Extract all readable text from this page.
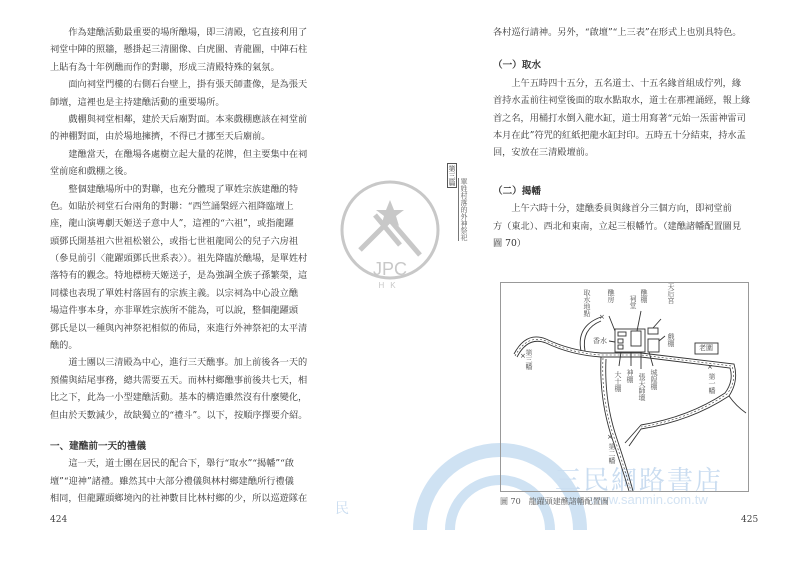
JPC
HK
三民網路書店
www.sanmin.com.tw
民
　　作為建醮活動最重要的場所醮場，即三清殿，它直接利用了
祠堂中陣的照牆，懸掛起三清圖像、白虎圖、青龍圖，中陣石柱
上貼有為十年例醮而作的對聯，形成三清殿特殊的氣氛。
　　面向祠堂門樓的右側石台壁上，掛有張天師畫像，是為張天
師壇，這裡也是主持建醮活動的重要場所。
　　戲棚與祠堂相鄰，建於天后廟對面。本來戲棚應該在祠堂前
的神棚對面，由於場地擁擠，不得已才挪至天后廟前。
　　建醮當天，在醮場各處樹立起大量的花牌，但主要集中在祠
堂前庭和戲棚之後。
　　整個建醮場所中的對聯，也充分體現了單姓宗族建醮的特
色。如貼於祠堂石台兩角的對聯：“西竺誦槃經六祖降臨壇上
座，龍山演粵劇天姬送子意中人”，這裡的“六祖”，或指龍躍
頭鄧氏開基祖六世祖松嶺公，或指七世祖龍岡公的兒子六房祖
（參見前引〈龍躍頭鄧氏世系表〉）。祖先降臨於醮場，是單姓村
落特有的觀念。特地標榜天姬送子，是為強調全族子孫繁榮，這
同樣也表現了單姓村落固有的宗族主義。以宗祠為中心設立醮
場這件事本身，亦非單姓宗族所不能為，可以說，整個龍躍頭
鄧氏是以一種與內神祭祀相似的佈局，來進行外神祭祀的太平清
醮的。
　　道士團以三清殿為中心，進行三天醮事。加上前後各一天的
預備與結尾事務，總共需要五天。而林村鄉醮事前後共七天，相
比之下，此為一小型建醮活動。基本的構造雖然沒有什麼變化，
但由於天數減少，故缺獨立的“禮斗”。以下，按順序擇要介紹。
一、建醮前一天的禮儀
　　這一天，道士團在居民的配合下，舉行“取水”“揭幡”“啟
壇”“迎神”諸禮。雖然其中大部分禮儀與林村鄉建醮所行禮儀
相同，但龍躍頭鄉境內的社神數目比林村鄉的少，所以巡遊隊在
424
第三篇
單姓村落的外神祭祀
各村巡行請神。另外，“啟壇”“上三表”在形式上也別具特色。
（一）取水
　　上午五時四十五分，五名道士、十五名緣首組成佇列，緣
首持水盂前往祠堂後面的取水點取水，道士在那裡誦經，報上緣
首之名，用桶打水倒入龍水缸，道士用寫著“元始一炁雷神雷司
本月在此”符咒的紅紙把龍水缸封印。五時五十分結束，持水盂
回，安放在三清殿壇前。
（二）揭幡
　　上午六時十分，建醮委員與緣首分三個方向，即祠堂前
方（東北）、西北和東南，立起三根幡竹。（建醮諸幡配置圖見
圖 70）
×
×
×
×
取水地點 醮房 祠堂 醮棚	天后宮
戲棚
老圍
香水
大士棚 神棚 張天師壇 城隍棚	第一幡
第二幡
第三幡
圖 70　龍躍頭建醮諸幡配置圖
425
